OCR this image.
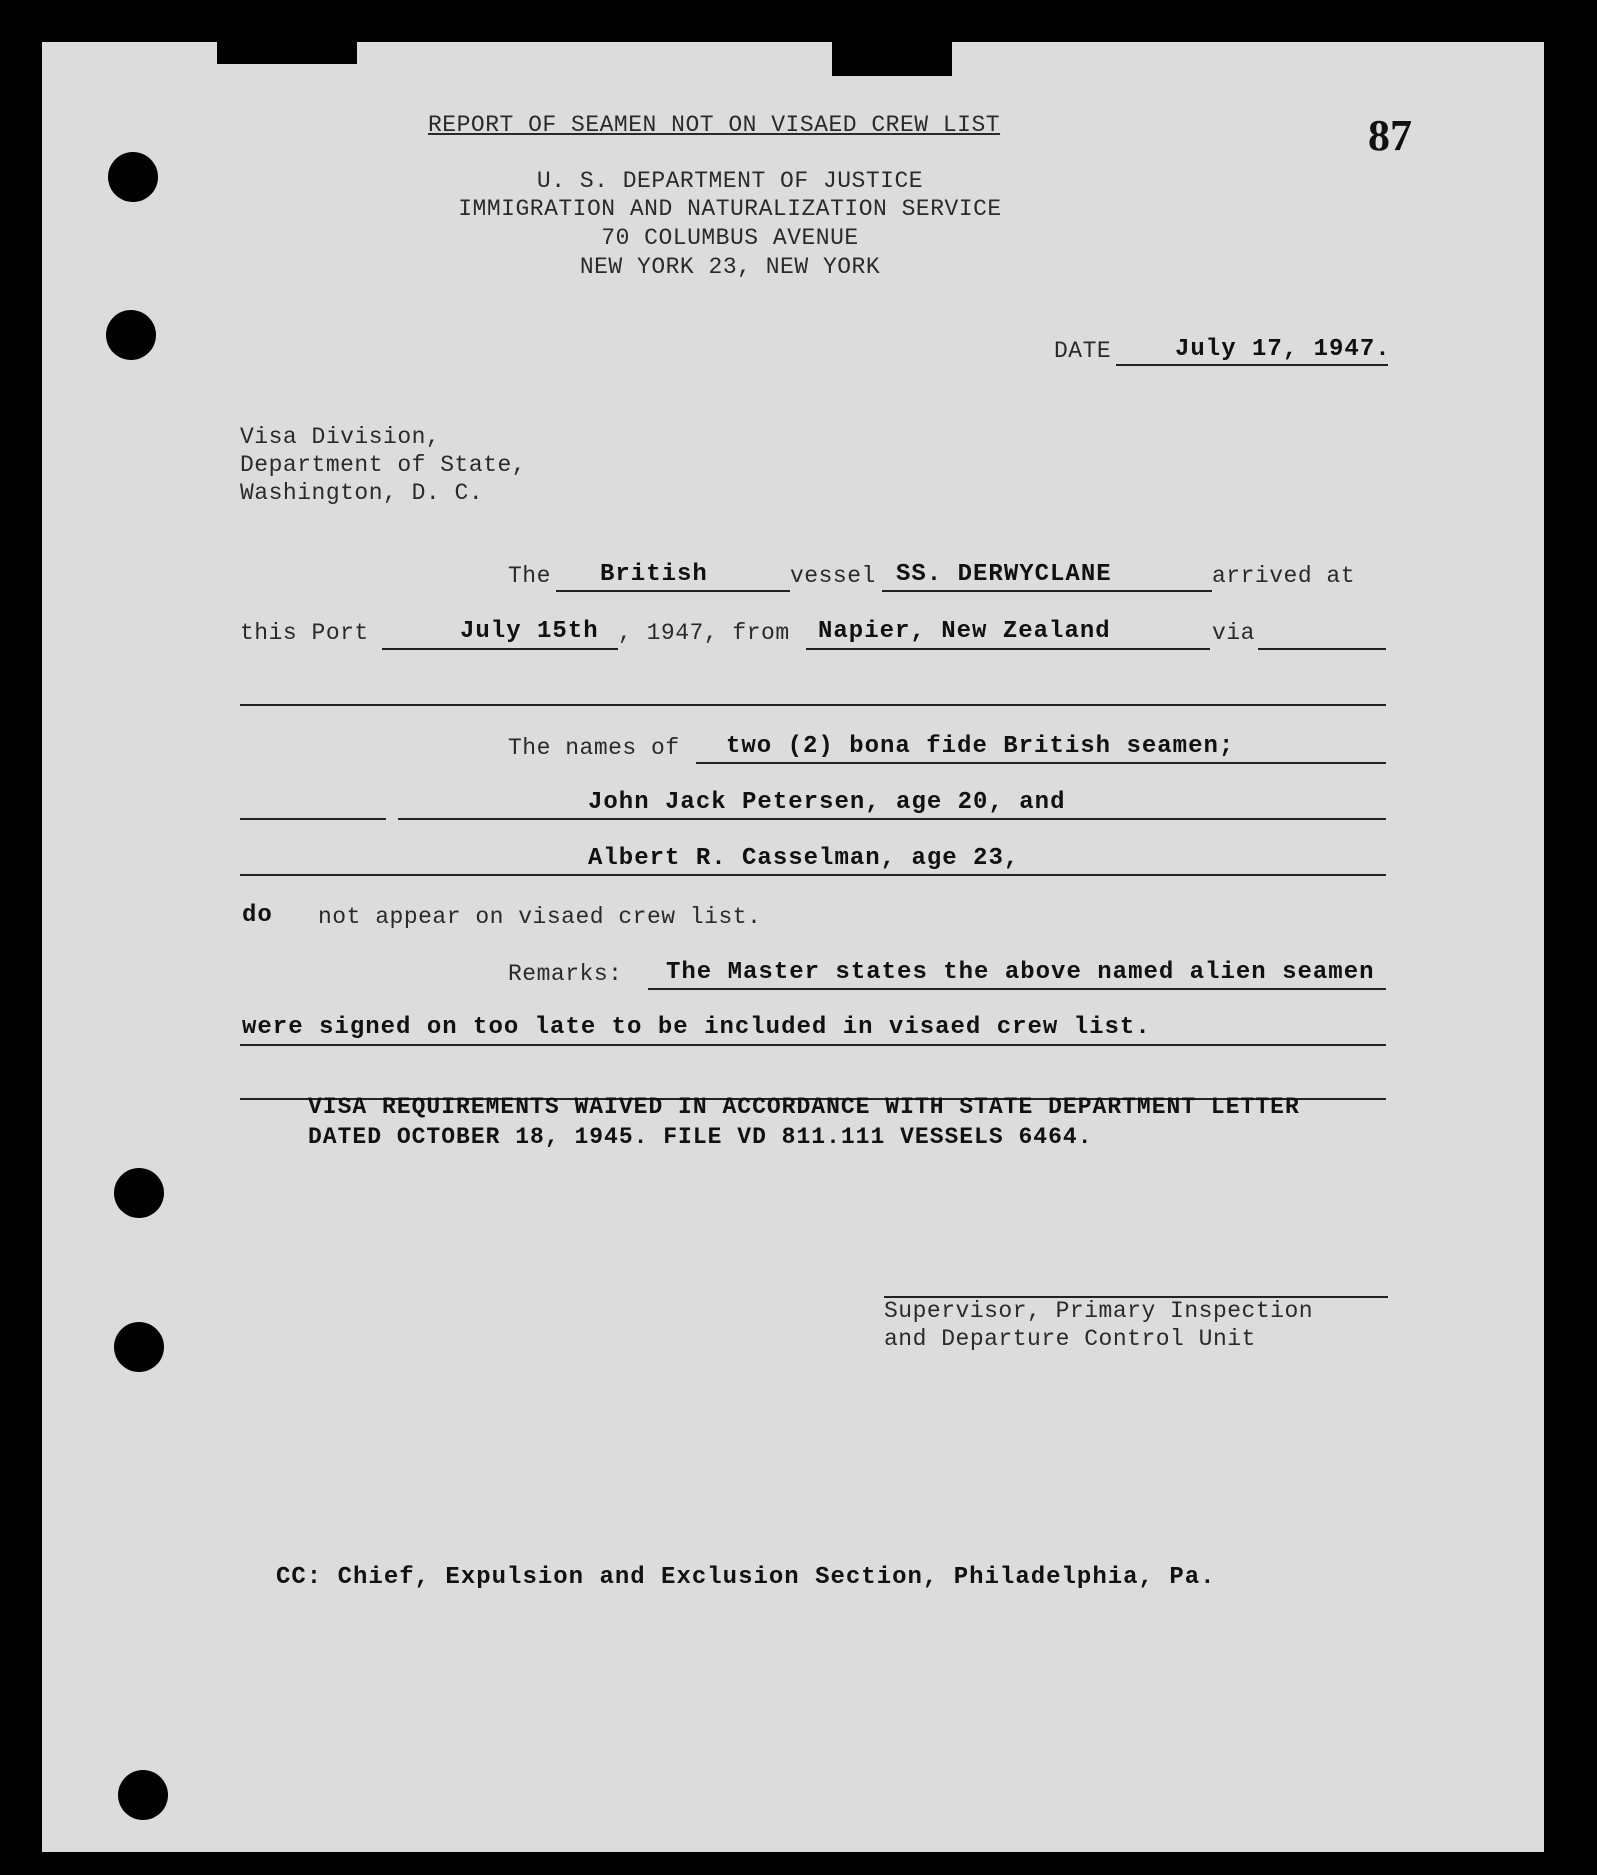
87
REPORT OF SEAMEN NOT ON VISAED CREW LIST
U. S. DEPARTMENT OF JUSTICE
IMMIGRATION AND NATURALIZATION SERVICE
70 COLUMBUS AVENUE
NEW YORK 23, NEW YORK
DATE	July 17, 1947.
Visa Division,
Department of State,
Washington, D. C.
The British	vessel SS. DERWYCLANE	arrived at
this Port	July 15th , 1947, from Napier, New Zealand	via
The names of two (2) bona fide British seamen;
John Jack Petersen, age 20, and
Albert R. Casselman, age 23,
do not appear on visaed crew list.
Remarks: The Master states the above named alien seamen
were signed on too late to be included in visaed crew list.
VISA REQUIREMENTS WAIVED IN ACCORDANCE WITH STATE DEPARTMENT LETTER
DATED OCTOBER 18, 1945. FILE VD 811.111 VESSELS 6464.
Supervisor, Primary Inspection
and Departure Control Unit
CC: Chief, Expulsion and Exclusion Section, Philadelphia, Pa.
